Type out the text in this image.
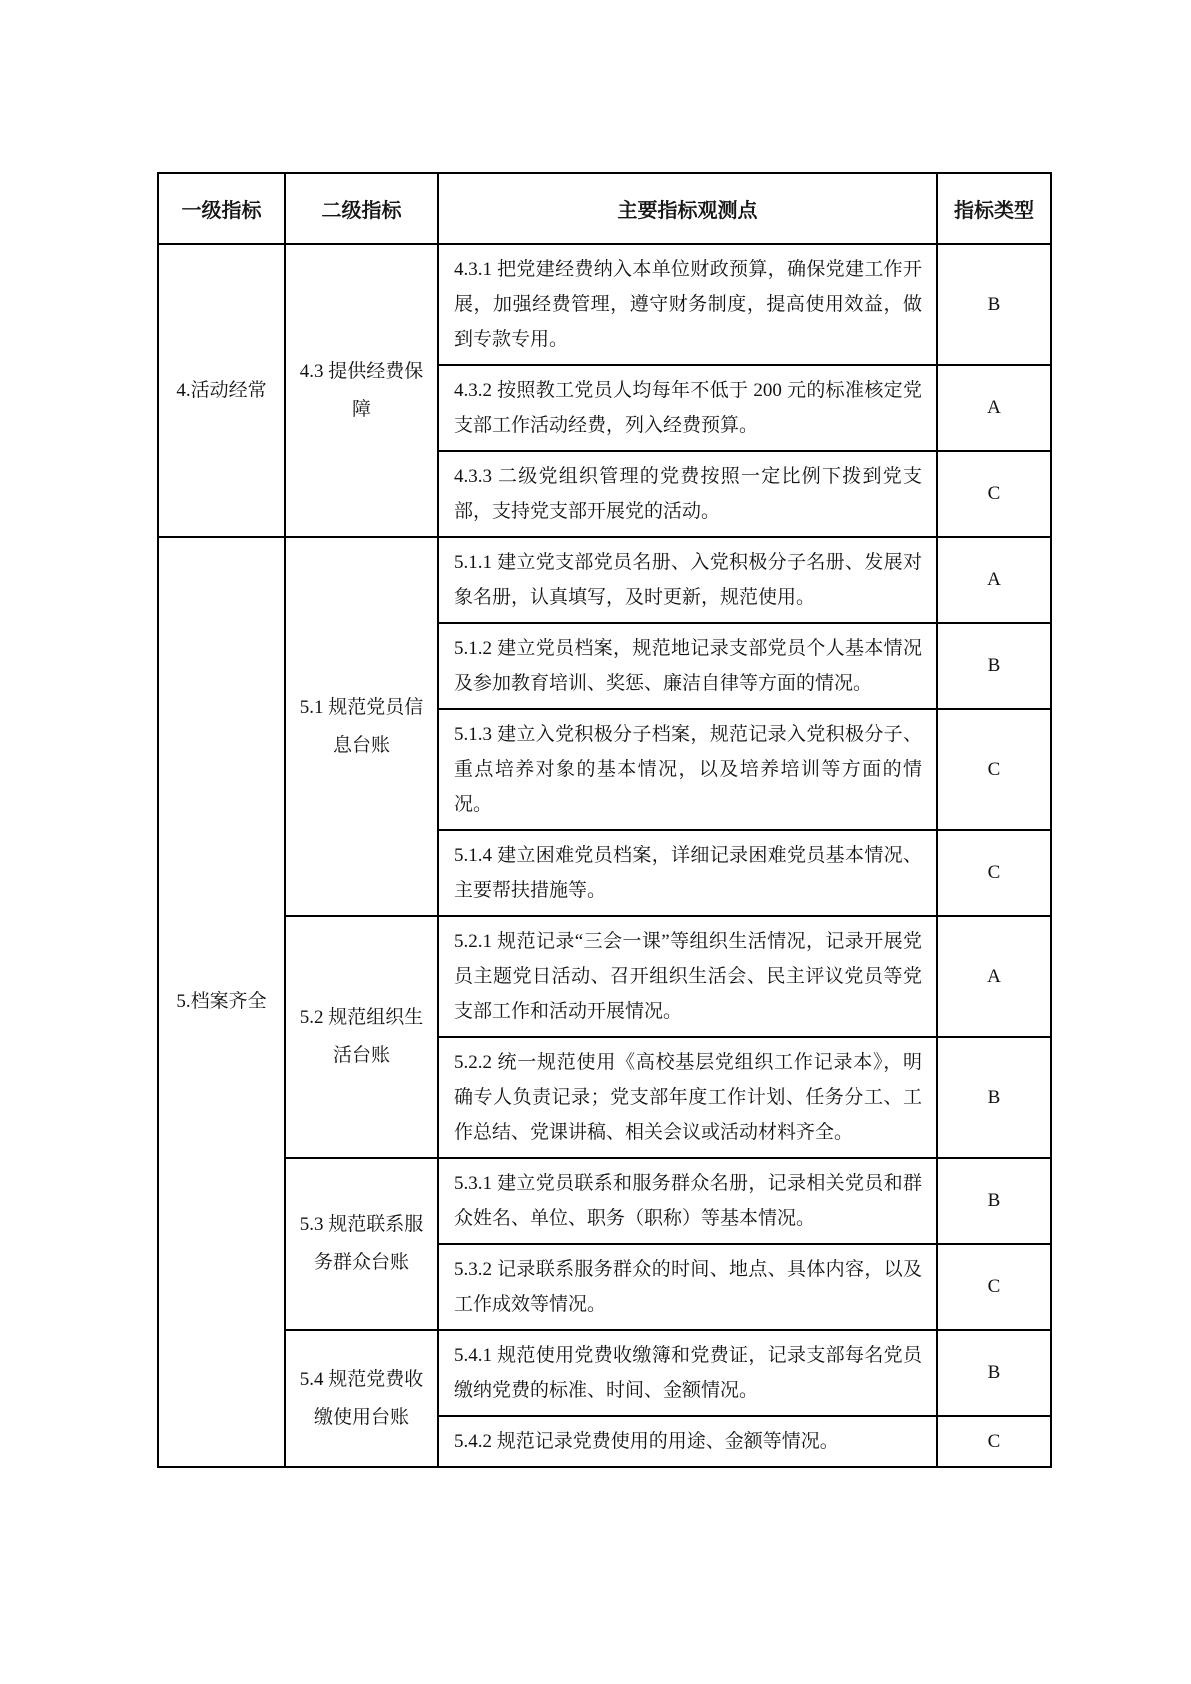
一级指标	二级指标	主要指标观测点	指标类型
4.活动经常	4.3 提供经费保障	4.3.1 把党建经费纳入本单位财政预算，确保党建工作开展，加强经费管理，遵守财务制度，提高使用效益，做到专款专用。	B
		4.3.2 按照教工党员人均每年不低于 200 元的标准核定党支部工作活动经费，列入经费预算。	A
		4.3.3 二级党组织管理的党费按照一定比例下拨到党支部，支持党支部开展党的活动。	C
5.档案齐全	5.1 规范党员信息台账	5.1.1 建立党支部党员名册、入党积极分子名册、发展对象名册，认真填写，及时更新，规范使用。	A
		5.1.2 建立党员档案，规范地记录支部党员个人基本情况及参加教育培训、奖惩、廉洁自律等方面的情况。	B
		5.1.3 建立入党积极分子档案，规范记录入党积极分子、重点培养对象的基本情况，以及培养培训等方面的情况。	C
		5.1.4 建立困难党员档案，详细记录困难党员基本情况、主要帮扶措施等。	C
	5.2 规范组织生活台账	5.2.1 规范记录“三会一课”等组织生活情况，记录开展党员主题党日活动、召开组织生活会、民主评议党员等党支部工作和活动开展情况。	A
		5.2.2 统一规范使用《高校基层党组织工作记录本》，明确专人负责记录；党支部年度工作计划、任务分工、工作总结、党课讲稿、相关会议或活动材料齐全。	B
	5.3 规范联系服务群众台账	5.3.1 建立党员联系和服务群众名册，记录相关党员和群众姓名、单位、职务（职称）等基本情况。	B
		5.3.2 记录联系服务群众的时间、地点、具体内容，以及工作成效等情况。	C
	5.4 规范党费收缴使用台账	5.4.1 规范使用党费收缴簿和党费证，记录支部每名党员缴纳党费的标准、时间、金额情况。	B
		5.4.2 规范记录党费使用的用途、金额等情况。	C
